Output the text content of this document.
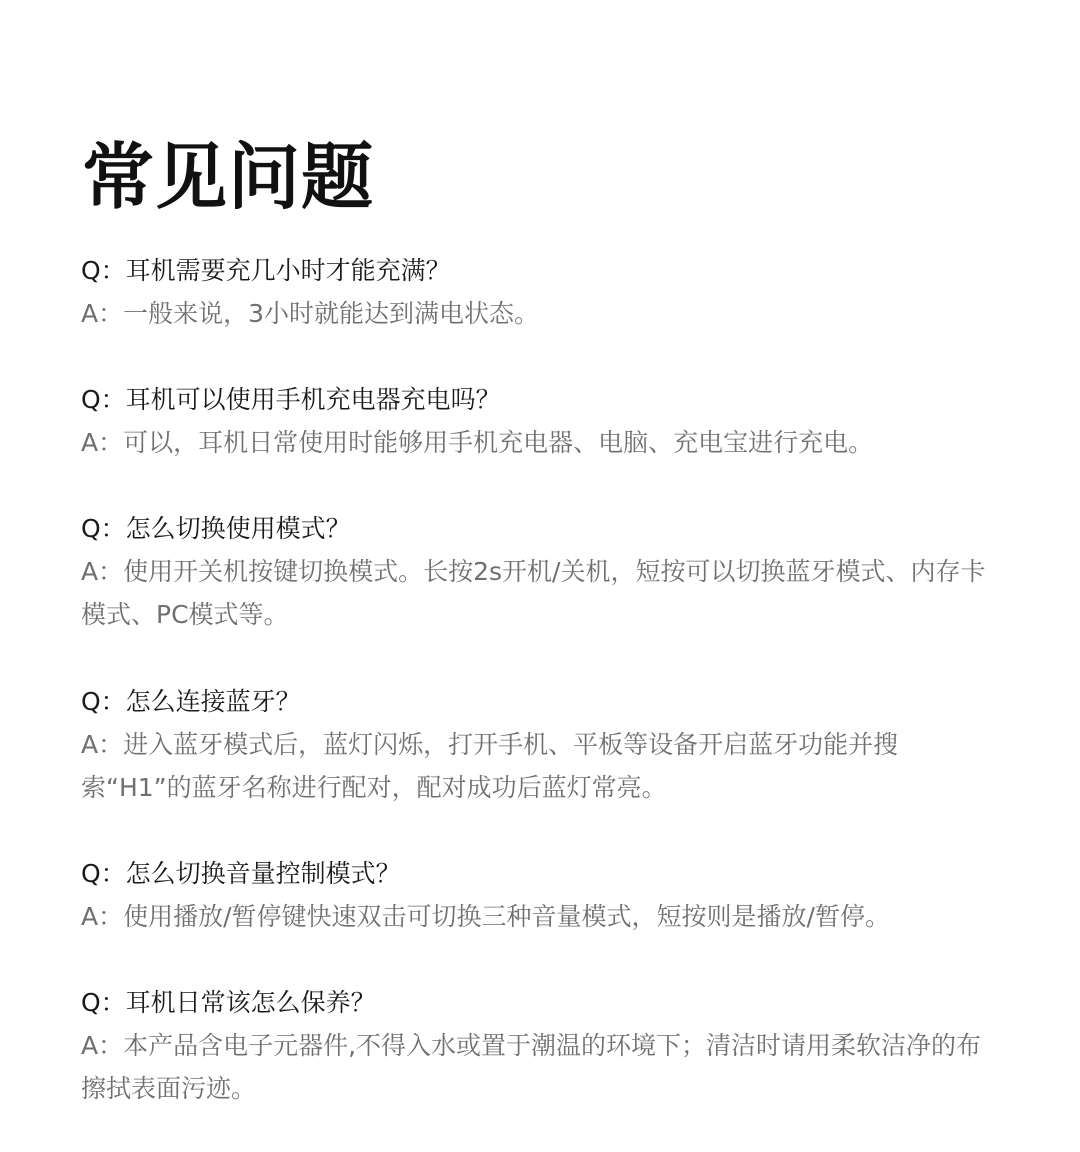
常见问题

Q：耳机需要充几小时才能充满？

A：一般来说，3小时就能达到满电状态。

Q：耳机可以使用手机充电器充电吗？

A：可以，耳机日常使用时能够用手机充电器、电脑、充电宝进行充电。

Q：怎么切换使用模式？

A：使用开关机按键切换模式。长按2s开机/关机，短按可以切换蓝牙模式、内存卡模式、PC模式等。

Q：怎么连接蓝牙？

A：进入蓝牙模式后，蓝灯闪烁，打开手机、平板等设备开启蓝牙功能并搜索“H1”的蓝牙名称进行配对，配对成功后蓝灯常亮。

Q：怎么切换音量控制模式？

A：使用播放/暂停键快速双击可切换三种音量模式，短按则是播放/暂停。

Q：耳机日常该怎么保养？

A：本产品含电子元器件,不得入水或置于潮温的环境下；清洁时请用柔软洁净的布擦拭表面污迹。
